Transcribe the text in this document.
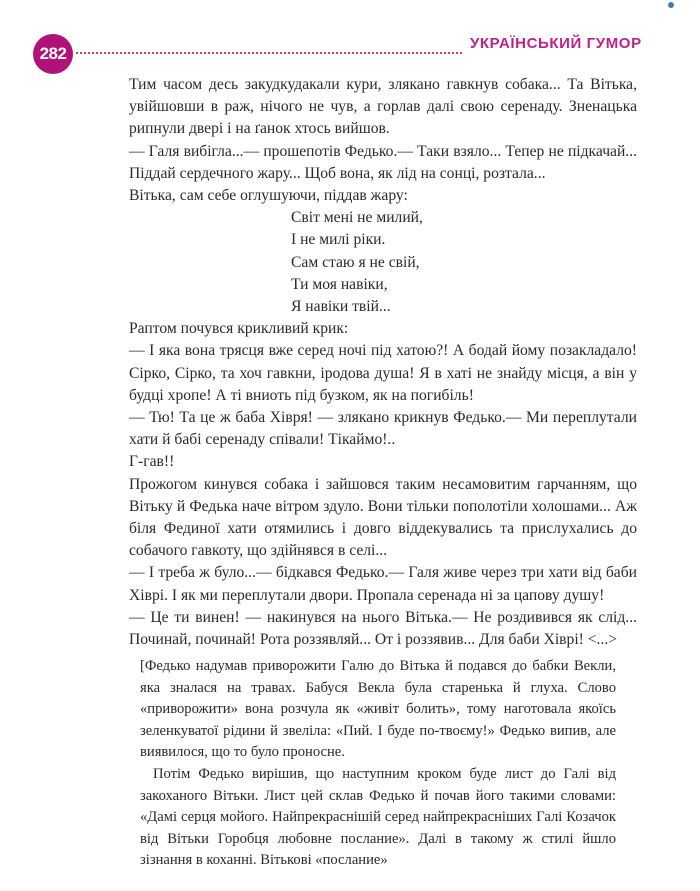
282
УКРАЇНСЬКИЙ ГУМОР

Тим часом десь закудкудакали кури, злякано гавкнув собака... Та Вітька, увійшовши в раж, нічого не чув, а горлав далі свою серенаду. Зненацька рипнули двері і на ґанок хтось вийшов.

— Галя вибігла...— прошепотів Федько.— Таки взяло... Тепер не підкачай... Піддай сердечного жару... Щоб вона, як лід на сонці, розтала...

Вітька, сам себе оглушуючи, піддав жару:

Світ мені не милий,
І не милі ріки.
Сам стаю я не свій,
Ти моя навіки,
Я навіки твій...

Раптом почувся крикливий крик:

— І яка вона трясця вже серед ночі під хатою?! А бодай йому позакладало! Сірко, Сірко, та хоч гавкни, іродова душа! Я в хаті не знайду місця, а він у будці хропе! А ті вниоть під бузком, як на погибіль!

— Тю! Та це ж баба Хівря! — злякано крикнув Федько.— Ми переплутали хати й бабі серенаду співали! Тікаймо!..

Г-гав!!

Прожогом кинувся собака і зайшовся таким несамовитим гарчанням, що Вітьку й Федька наче вітром здуло. Вони тільки пополотіли холошами... Аж біля Фединої хати отямились і довго віддекувались та прислухались до собачого гавкоту, що здійнявся в селі...

— І треба ж було...— бідкався Федько.— Галя живе через три хати від баби Хіврі. І як ми переплутали двори. Пропала серенада ні за цапову душу!

— Це ти винен! — накинувся на нього Вітька.— Не роздивився як слід... Починай, починай! Рота роззявляй... От і роззявив... Для баби Хіврі! <...>

[Федько надумав приворожити Галю до Вітька й подався до бабки Векли, яка зналася на травах. Бабуся Векла була старенька й глуха. Слово «приворожити» вона розчула як «живіт болить», тому наготовала якоїсь зеленкуватої рідини й звеліла: «Пий. І буде по-твоєму!» Федько випив, але виявилося, що то було проносне.

Потім Федько вирішив, що наступним кроком буде лист до Галі від закоханого Вітьки. Лист цей склав Федько й почав його такими словами: «Дамі серця мойого. Найпрекраснішій серед найпрекрасніших Галі Козачок від Вітьки Горобця любовне послание». Далі в такому ж стилі йшло зізнання в коханні. Вітькові «послание»
